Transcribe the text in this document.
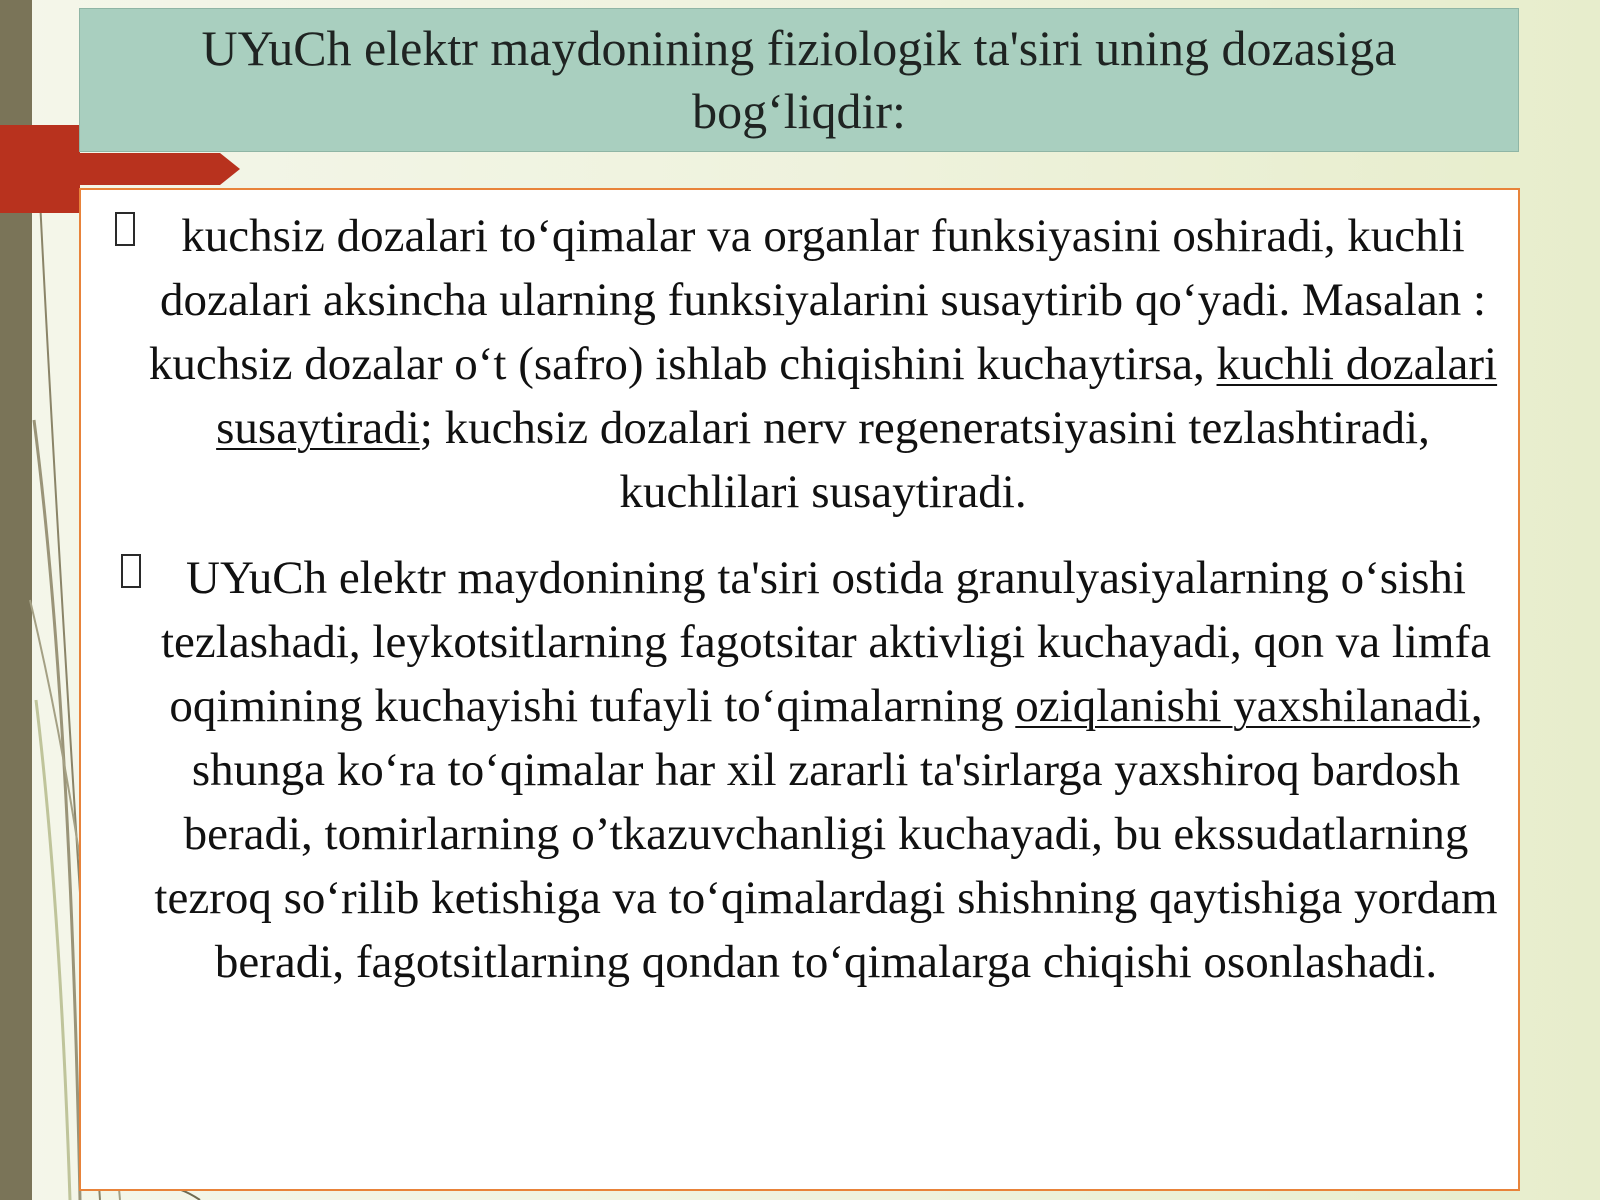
UYuCh elektr maydonining fiziologik ta'siri uning dozasiga bog‘liqdir:
kuchsiz dozalari to‘qimalar va organlar funksiyasini oshiradi, kuchli dozalari aksincha ularning funksiyalarini susaytirib qo‘yadi. Masalan : kuchsiz dozalar o‘t (safro) ishlab chiqishini kuchaytirsa, kuchli dozalari susaytiradi; kuchsiz dozalari nerv regeneratsiyasini tezlashtiradi, kuchlilari susaytiradi.
UYuCh elektr maydonining ta'siri ostida granulyasiyalarning o‘sishi tezlashadi, leykotsitlarning fagotsitar aktivligi kuchayadi, qon va limfa oqimining kuchayishi tufayli to‘qimalarning oziqlanishi yaxshilanadi, shunga ko‘ra to‘qimalar har xil zararli ta'sirlarga yaxshiroq bardosh beradi, tomirlarning o’tkazuvchanligi kuchayadi, bu ekssudatlarning tezroq so‘rilib ketishiga va to‘qimalardagi shishning qaytishiga yordam beradi, fagotsitlarning qondan to‘qimalarga chiqishi osonlashadi.
